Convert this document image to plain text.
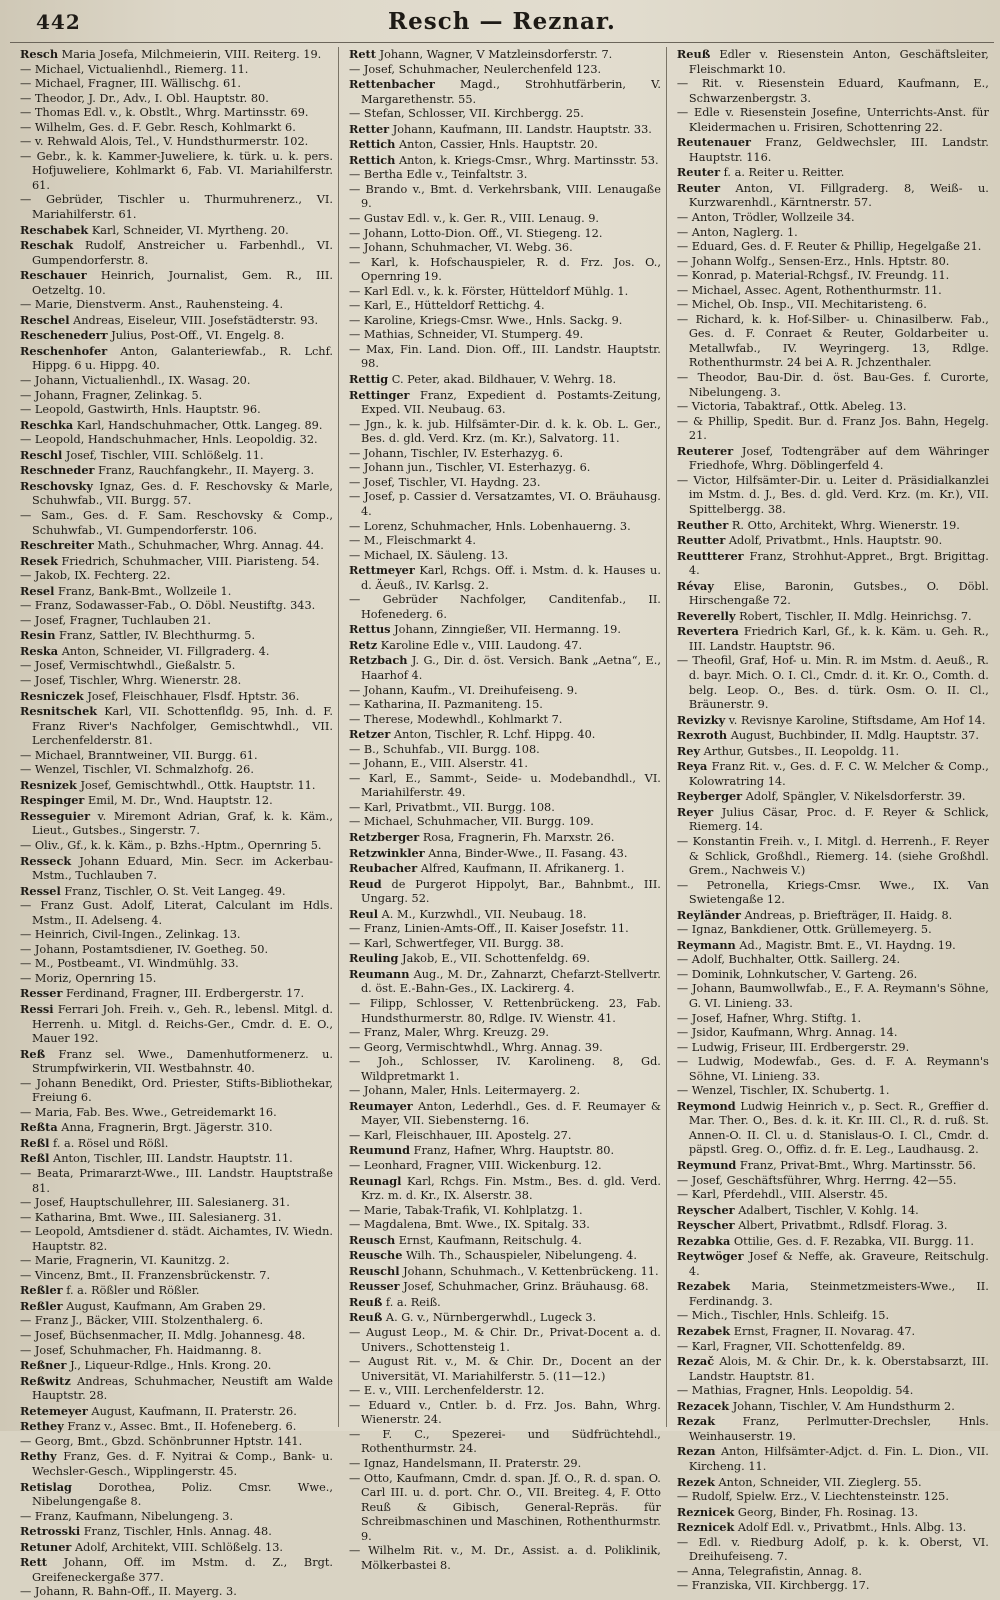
442	Resch — Reznar.

Resch Maria Josefa, Milchmeierin, VIII. Reiterg. 19.

— Michael, Victualienhdl., Riemerg. 11.

— Michael, Fragner, III. Wällischg. 61.

— Theodor, J. Dr., Adv., I. Obl. Hauptstr. 80.

— Thomas Edl. v., k. Obstlt., Whrg. Martinsstr. 69.

— Wilhelm, Ges. d. F. Gebr. Resch, Kohlmarkt 6.

— v. Rehwald Alois, Tel., V. Hundsthurmerstr. 102.

— Gebr., k. k. Kammer-Juweliere, k. türk. u. k. pers. Hofjuweliere, Kohlmarkt 6, Fab. VI. Mariahilferstr. 61.

— Gebrüder, Tischler u. Thurmuhrenerz., VI. Mariahilferstr. 61.

Reschabek Karl, Schneider, VI. Myrtheng. 20.

Reschak Rudolf, Anstreicher u. Farbenhdl., VI. Gumpendorferstr. 8.

Reschauer Heinrich, Journalist, Gem. R., III. Oetzeltg. 10.

— Marie, Dienstverm. Anst., Rauhensteing. 4.

Reschel Andreas, Eiseleur, VIII. Josefstädterstr. 93.

Reschenederr Julius, Post-Off., VI. Engelg. 8.

Reschenhofer Anton, Galanteriewfab., R. Lchf. Hippg. 6 u. Hippg. 40.

— Johann, Victualienhdl., IX. Wasag. 20.

— Johann, Fragner, Zelinkag. 5.

— Leopold, Gastwirth, Hnls. Hauptstr. 96.

Reschka Karl, Handschuhmacher, Ottk. Langeg. 89.

— Leopold, Handschuhmacher, Hnls. Leopoldig. 32.

Reschl Josef, Tischler, VIII. Schlößelg. 11.

Reschneder Franz, Rauchfangkehr., II. Mayerg. 3.

Reschovsky Ignaz, Ges. d. F. Reschovsky & Marle, Schuhwfab., VII. Burgg. 57.

— Sam., Ges. d. F. Sam. Reschovsky & Comp., Schuhwfab., VI. Gumpendorferstr. 106.

Reschreiter Math., Schuhmacher, Whrg. Annag. 44.

Resek Friedrich, Schuhmacher, VIII. Piaristeng. 54.

— Jakob, IX. Fechterg. 22.

Resel Franz, Bank-Bmt., Wollzeile 1.

— Franz, Sodawasser-Fab., O. Döbl. Neustiftg. 343.

— Josef, Fragner, Tuchlauben 21.

Resin Franz, Sattler, IV. Blechthurmg. 5.

Reska Anton, Schneider, VI. Fillgraderg. 4.

— Josef, Vermischtwhdl., Gießalstr. 5.

— Josef, Tischler, Whrg. Wienerstr. 28.

Resniczek Josef, Fleischhauer, Flsdf. Hptstr. 36.

Resnitschek Karl, VII. Schottenfldg. 95, Inh. d. F. Franz River's Nachfolger, Gemischtwhdl., VII. Lerchenfelderstr. 81.

— Michael, Branntweiner, VII. Burgg. 61.

— Wenzel, Tischler, VI. Schmalzhofg. 26.

Resnizek Josef, Gemischtwhdl., Ottk. Hauptstr. 11.

Respinger Emil, M. Dr., Wnd. Hauptstr. 12.

Resseguier v. Miremont Adrian, Graf, k. k. Käm., Lieut., Gutsbes., Singerstr. 7.

— Oliv., Gf., k. k. Käm., p. Bzhs.-Hptm., Opernring 5.

Resseck Johann Eduard, Min. Secr. im Ackerbau-Mstm., Tuchlauben 7.

Ressel Franz, Tischler, O. St. Veit Langeg. 49.

— Franz Gust. Adolf, Literat, Calculant im Hdls. Mstm., II. Adelseng. 4.

— Heinrich, Civil-Ingen., Zelinkag. 13.

— Johann, Postamtsdiener, IV. Goetheg. 50.

— M., Postbeamt., VI. Windmühlg. 33.

— Moriz, Opernring 15.

Resser Ferdinand, Fragner, III. Erdbergerstr. 17.

Ressi Ferrari Joh. Freih. v., Geh. R., lebensl. Mitgl. d. Herrenh. u. Mitgl. d. Reichs-Ger., Cmdr. d. E. O., Mauer 192.

Reß Franz sel. Wwe., Damenhutformenerz. u. Strumpfwirkerin, VII. Westbahnstr. 40.

— Johann Benedikt, Ord. Priester, Stifts-Bibliothekar, Freiung 6.

— Maria, Fab. Bes. Wwe., Getreidemarkt 16.

Reßta Anna, Fragnerin, Brgt. Jägerstr. 310.

Reßl f. a. Rösel und Rößl.

Reßl Anton, Tischler, III. Landstr. Hauptstr. 11.

— Beata, Primararzt-Wwe., III. Landstr. Hauptstraße 81.

— Josef, Hauptschullehrer, III. Salesianerg. 31.

— Katharina, Bmt. Wwe., III. Salesianerg. 31.

— Leopold, Amtsdiener d. städt. Aichamtes, IV. Wiedn. Hauptstr. 82.

— Marie, Fragnerin, VI. Kaunitzg. 2.

— Vincenz, Bmt., II. Franzensbrückenstr. 7.

Reßler f. a. Rößler und Rößler.

Reßler August, Kaufmann, Am Graben 29.

— Franz J., Bäcker, VIII. Stolzenthalerg. 6.

— Josef, Büchsenmacher, II. Mdlg. Johannesg. 48.

— Josef, Schuhmacher, Fh. Haidmanng. 8.

Reßner J., Liqueur-Rdlge., Hnls. Krong. 20.

Reßwitz Andreas, Schuhmacher, Neustift am Walde Hauptstr. 28.

Retemeyer August, Kaufmann, II. Praterstr. 26.

Rethey Franz v., Assec. Bmt., II. Hofeneberg. 6.

— Georg, Bmt., Gbzd. Schönbrunner Hptstr. 141.

Rethy Franz, Ges. d. F. Nyitrai & Comp., Bank- u. Wechsler-Gesch., Wipplingerstr. 45.

Retislag Dorothea, Poliz. Cmsr. Wwe., Nibelungengaße 8.

— Franz, Kaufmann, Nibelungeng. 3.

Retrosski Franz, Tischler, Hnls. Annag. 48.

Retuner Adolf, Architekt, VIII. Schlößelg. 13.

Rett Johann, Off. im Mstm. d. Z., Brgt. Greifeneckergaße 377.

— Johann, R. Bahn-Off., II. Mayerg. 3.

Rett Johann, Wagner, V Matzleinsdorferstr. 7.

— Josef, Schuhmacher, Neulerchenfeld 123.

Rettenbacher Magd., Strohhutfärberin, V. Margarethenstr. 55.

— Stefan, Schlosser, VII. Kirchbergg. 25.

Retter Johann, Kaufmann, III. Landstr. Hauptstr. 33.

Rettich Anton, Cassier, Hnls. Hauptstr. 20.

Rettich Anton, k. Kriegs-Cmsr., Whrg. Martinsstr. 53.

— Bertha Edle v., Teinfaltstr. 3.

— Brando v., Bmt. d. Verkehrsbank, VIII. Lenaugaße 9.

— Gustav Edl. v., k. Ger. R., VIII. Lenaug. 9.

— Johann, Lotto-Dion. Off., VI. Stiegeng. 12.

— Johann, Schuhmacher, VI. Webg. 36.

— Karl, k. Hofschauspieler, R. d. Frz. Jos. O., Opernring 19.

— Karl Edl. v., k. k. Förster, Hütteldorf Mühlg. 1.

— Karl, E., Hütteldorf Rettichg. 4.

— Karoline, Kriegs-Cmsr. Wwe., Hnls. Sackg. 9.

— Mathias, Schneider, VI. Stumperg. 49.

— Max, Fin. Land. Dion. Off., III. Landstr. Hauptstr. 98.

Rettig C. Peter, akad. Bildhauer, V. Wehrg. 18.

Rettinger Franz, Expedient d. Postamts-Zeitung, Exped. VII. Neubaug. 63.

— Jgn., k. k. jub. Hilfsämter-Dir. d. k. k. Ob. L. Ger., Bes. d. gld. Verd. Krz. (m. Kr.), Salvatorg. 11.

— Johann, Tischler, IV. Esterhazyg. 6.

— Johann jun., Tischler, VI. Esterhazyg. 6.

— Josef, Tischler, VI. Haydng. 23.

— Josef, p. Cassier d. Versatzamtes, VI. O. Bräuhausg. 4.

— Lorenz, Schuhmacher, Hnls. Lobenhauerng. 3.

— M., Fleischmarkt 4.

— Michael, IX. Säuleng. 13.

Rettmeyer Karl, Rchgs. Off. i. Mstm. d. k. Hauses u. d. Äeuß., IV. Karlsg. 2.

— Gebrüder Nachfolger, Canditenfab., II. Hofenederg. 6.

Rettus Johann, Zinngießer, VII. Hermanng. 19.

Retz Karoline Edle v., VIII. Laudong. 47.

Retzbach J. G., Dir. d. öst. Versich. Bank „Aetna“, E., Haarhof 4.

— Johann, Kaufm., VI. Dreihufeiseng. 9.

— Katharina, II. Pazmaniteng. 15.

— Therese, Modewhdl., Kohlmarkt 7.

Retzer Anton, Tischler, R. Lchf. Hippg. 40.

— B., Schuhfab., VII. Burgg. 108.

— Johann, E., VIII. Alserstr. 41.

— Karl, E., Sammt-, Seide- u. Modebandhdl., VI. Mariahilferstr. 49.

— Karl, Privatbmt., VII. Burgg. 108.

— Michael, Schuhmacher, VII. Burgg. 109.

Retzberger Rosa, Fragnerin, Fh. Marxstr. 26.

Retzwinkler Anna, Binder-Wwe., II. Fasang. 43.

Reubacher Alfred, Kaufmann, II. Afrikanerg. 1.

Reud de Purgerot Hippolyt, Bar., Bahnbmt., III. Ungarg. 52.

Reul A. M., Kurzwhdl., VII. Neubaug. 18.

— Franz, Linien-Amts-Off., II. Kaiser Josefstr. 11.

— Karl, Schwertfeger, VII. Burgg. 38.

Reuling Jakob, E., VII. Schottenfeldg. 69.

Reumann Aug., M. Dr., Zahnarzt, Chefarzt-Stellvertr. d. öst. E.-Bahn-Ges., IX. Lackirerg. 4.

— Filipp, Schlosser, V. Rettenbrückeng. 23, Fab. Hundsthurmerstr. 80, Rdlge. IV. Wienstr. 41.

— Franz, Maler, Whrg. Kreuzg. 29.

— Georg, Vermischtwhdl., Whrg. Annag. 39.

— Joh., Schlosser, IV. Karolineng. 8, Gd. Wildpretmarkt 1.

— Johann, Maler, Hnls. Leitermayerg. 2.

Reumayer Anton, Lederhdl., Ges. d. F. Reumayer & Mayer, VII. Siebensterng. 16.

— Karl, Fleischhauer, III. Apostelg. 27.

Reumund Franz, Hafner, Whrg. Hauptstr. 80.

— Leonhard, Fragner, VIII. Wickenburg. 12.

Reunagl Karl, Rchgs. Fin. Mstm., Bes. d. gld. Verd. Krz. m. d. Kr., IX. Alserstr. 38.

— Marie, Tabak-Trafik, VI. Kohlplatzg. 1.

— Magdalena, Bmt. Wwe., IX. Spitalg. 33.

Reusch Ernst, Kaufmann, Reitschulg. 4.

Reusche Wilh. Th., Schauspieler, Nibelungeng. 4.

Reuschl Johann, Schuhmach., V. Kettenbrückeng. 11.

Reusser Josef, Schuhmacher, Grinz. Bräuhausg. 68.

Reuß f. a. Reiß.

Reuß A. G. v., Nürnbergerwhdl., Lugeck 3.

— August Leop., M. & Chir. Dr., Privat-Docent a. d. Univers., Schottensteig 1.

— August Rit. v., M. & Chir. Dr., Docent an der Universität, VI. Mariahilferstr. 5. (11—12.)

— E. v., VIII. Lerchenfelderstr. 12.

— Eduard v., Cntler. b. d. Frz. Jos. Bahn, Whrg. Wienerstr. 24.

— F. C., Spezerei- und Südfrüchtehdl., Rothenthurmstr. 24.

— Ignaz, Handelsmann, II. Praterstr. 29.

— Otto, Kaufmann, Cmdr. d. span. Jf. O., R. d. span. O. Carl III. u. d. port. Chr. O., VII. Breiteg. 4, F. Otto Reuß & Gibisch, General-Repräs. für Schreibmaschinen und Maschinen, Rothenthurmstr. 9.

— Wilhelm Rit. v., M. Dr., Assist. a. d. Poliklinik, Mölkerbastei 8.

Reuß Edler v. Riesenstein Anton, Geschäftsleiter, Fleischmarkt 10.

— Rit. v. Riesenstein Eduard, Kaufmann, E., Schwarzenbergstr. 3.

— Edle v. Riesenstein Josefine, Unterrichts-Anst. für Kleidermachen u. Frisiren, Schottenring 22.

Reutenauer Franz, Geldwechsler, III. Landstr. Hauptstr. 116.

Reuter f. a. Reiter u. Reitter.

Reuter Anton, VI. Fillgraderg. 8, Weiß- u. Kurzwarenhdl., Kärntnerstr. 57.

— Anton, Trödler, Wollzeile 34.

— Anton, Naglerg. 1.

— Eduard, Ges. d. F. Reuter & Phillip, Hegelgaße 21.

— Johann Wolfg., Sensen-Erz., Hnls. Hptstr. 80.

— Konrad, p. Material-Rchgsf., IV. Freundg. 11.

— Michael, Assec. Agent, Rothenthurmstr. 11.

— Michel, Ob. Insp., VII. Mechitaristeng. 6.

— Richard, k. k. Hof-Silber- u. Chinasilberw. Fab., Ges. d. F. Conraet & Reuter, Goldarbeiter u. Metallwfab., IV. Weyringerg. 13, Rdlge. Rothenthurmstr. 24 bei A. R. Jchzenthaler.

— Theodor, Bau-Dir. d. öst. Bau-Ges. f. Curorte, Nibelungeng. 3.

— Victoria, Tabaktraf., Ottk. Abeleg. 13.

— & Phillip, Spedit. Bur. d. Franz Jos. Bahn, Hegelg. 21.

Reuterer Josef, Todtengräber auf dem Währinger Friedhofe, Whrg. Döblingerfeld 4.

— Victor, Hilfsämter-Dir. u. Leiter d. Präsidialkanzlei im Mstm. d. J., Bes. d. gld. Verd. Krz. (m. Kr.), VII. Spittelbergg. 38.

Reuther R. Otto, Architekt, Whrg. Wienerstr. 19.

Reutter Adolf, Privatbmt., Hnls. Hauptstr. 90.

Reuttterer Franz, Strohhut-Appret., Brgt. Brigittag. 4.

Révay Elise, Baronin, Gutsbes., O. Döbl. Hirschengaße 72.

Reverelly Robert, Tischler, II. Mdlg. Heinrichsg. 7.

Revertera Friedrich Karl, Gf., k. k. Käm. u. Geh. R., III. Landstr. Hauptstr. 96.

— Theofil, Graf, Hof- u. Min. R. im Mstm. d. Aeuß., R. d. bayr. Mich. O. I. Cl., Cmdr. d. it. Kr. O., Comth. d. belg. Leop. O., Bes. d. türk. Osm. O. II. Cl., Bräunerstr. 9.

Revizky v. Revisnye Karoline, Stiftsdame, Am Hof 14.

Rexroth August, Buchbinder, II. Mdlg. Hauptstr. 37.

Rey Arthur, Gutsbes., II. Leopoldg. 11.

Reya Franz Rit. v., Ges. d. F. C. W. Melcher & Comp., Kolowratring 14.

Reyberger Adolf, Spängler, V. Nikelsdorferstr. 39.

Reyer Julius Cäsar, Proc. d. F. Reyer & Schlick, Riemerg. 14.

— Konstantin Freih. v., I. Mitgl. d. Herrenh., F. Reyer & Schlick, Großhdl., Riemerg. 14. (siehe Großhdl. Grem., Nachweis V.)

— Petronella, Kriegs-Cmsr. Wwe., IX. Van Swietengaße 12.

Reyländer Andreas, p. Briefträger, II. Haidg. 8.

— Ignaz, Bankdiener, Ottk. Grüllemeyerg. 5.

Reymann Ad., Magistr. Bmt. E., VI. Haydng. 19.

— Adolf, Buchhalter, Ottk. Saillerg. 24.

— Dominik, Lohnkutscher, V. Garteng. 26.

— Johann, Baumwollwfab., E., F. A. Reymann's Söhne, G. VI. Linieng. 33.

— Josef, Hafner, Whrg. Stiftg. 1.

— Jsidor, Kaufmann, Whrg. Annag. 14.

— Ludwig, Friseur, III. Erdbergerstr. 29.

— Ludwig, Modewfab., Ges. d. F. A. Reymann's Söhne, VI. Linieng. 33.

— Wenzel, Tischler, IX. Schubertg. 1.

Reymond Ludwig Heinrich v., p. Sect. R., Greffier d. Mar. Ther. O., Bes. d. k. it. Kr. III. Cl., R. d. ruß. St. Annen-O. II. Cl. u. d. Stanislaus-O. I. Cl., Cmdr. d. päpstl. Greg. O., Offiz. d. fr. E. Leg., Laudhausg. 2.

Reymund Franz, Privat-Bmt., Whrg. Martinsstr. 56.

— Josef, Geschäftsführer, Whrg. Herrng. 42—55.

— Karl, Pferdehdl., VIII. Alserstr. 45.

Reyscher Adalbert, Tischler, V. Kohlg. 14.

Reyscher Albert, Privatbmt., Rdlsdf. Florag. 3.

Rezabka Ottilie, Ges. d. F. Rezabka, VII. Burgg. 11.

Reytwöger Josef & Neffe, ak. Graveure, Reitschulg. 4.

Rezabek Maria, Steinmetzmeisters-Wwe., II. Ferdinandg. 3.

— Mich., Tischler, Hnls. Schleifg. 15.

Rezabek Ernst, Fragner, II. Novarag. 47.

— Karl, Fragner, VII. Schottenfeldg. 89.

Rezač Alois, M. & Chir. Dr., k. k. Oberstabsarzt, III. Landstr. Hauptstr. 81.

— Mathias, Fragner, Hnls. Leopoldig. 54.

Rezacek Johann, Tischler, V. Am Hundsthurm 2.

Rezak Franz, Perlmutter-Drechsler, Hnls. Weinhauserstr. 19.

Rezan Anton, Hilfsämter-Adjct. d. Fin. L. Dion., VII. Kircheng. 11.

Rezek Anton, Schneider, VII. Zieglerg. 55.

— Rudolf, Spielw. Erz., V. Liechtensteinstr. 125.

Reznicek Georg, Binder, Fh. Rosinag. 13.

Reznicek Adolf Edl. v., Privatbmt., Hnls. Albg. 13.

— Edl. v. Riedburg Adolf, p. k. k. Oberst, VI. Dreihufeiseng. 7.

— Anna, Telegrafistin, Annag. 8.

— Franziska, VII. Kirchbergg. 17.
